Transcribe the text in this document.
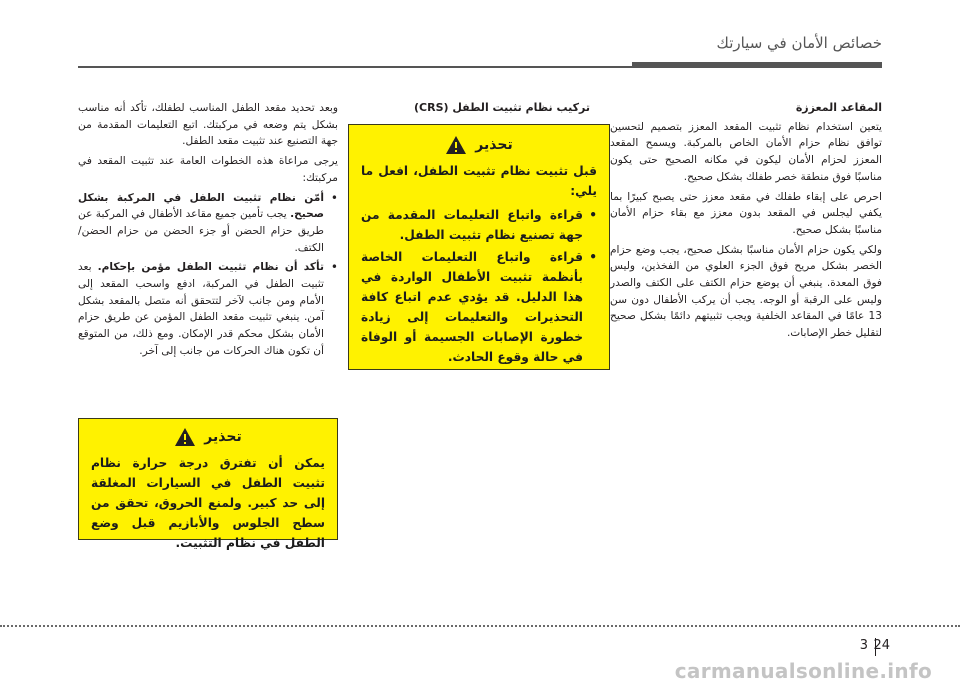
خصائص الأمان في سيارتك
المقاعد المعززة

يتعين استخدام نظام تثبيت المقعد المعزز بتصميم لتحسين توافق نظام حزام الأمان الخاص بالمركبة. ويسمح المقعد المعزز لحزام الأمان ليكون في مكانه الصحيح حتى يكون مناسبًا فوق منطقة خصر طفلك بشكل صحيح.

احرص على إبقاء طفلك في مقعد معزز حتى يصبح كبيرًا بما يكفي ليجلس في المقعد بدون معزز مع بقاء حزام الأمان مناسبًا بشكل صحيح.

ولكي يكون حزام الأمان مناسبًا بشكل صحيح، يجب وضع حزام الخصر بشكل مريح فوق الجزء العلوي من الفخذين، وليس فوق المعدة. ينبغي أن يوضع حزام الكتف على الكتف والصدر وليس على الرقبة أو الوجه. يجب أن يركب الأطفال دون سن 13 عامًا في المقاعد الخلفية ويجب تثبيتهم دائمًا بشكل صحيح لتقليل خطر الإصابات.

تركيب نظام تثبيت الطفل (CRS)
تحذير

قبل تثبيت نظام تثبيت الطفل، افعل ما يلي:

• قراءة واتباع التعليمات المقدمة من جهة تصنيع نظام تثبيت الطفل.
• قراءة واتباع التعليمات الخاصة بأنظمة تثبيت الأطفال الواردة في هذا الدليل. قد يؤدي عدم اتباع كافة التحذيرات والتعليمات إلى زيادة خطورة الإصابات الجسيمة أو الوفاة في حالة وقوع الحادث.

وبعد تحديد مقعد الطفل المناسب لطفلك، تأكد أنه مناسب بشكل يتم وضعه في مركبتك. اتبع التعليمات المقدمة من جهة التصنيع عند تثبيت مقعد الطفل.

يرجى مراعاة هذه الخطوات العامة عند تثبيت المقعد في مركبتك:

• أمّن نظام تثبيت الطفل في المركبة بشكل صحيح. يجب تأمين جميع مقاعد الأطفال في المركبة عن طريق حزام الحضن أو جزء الحضن من حزام الحضن/ الكتف.
• تأكد أن نظام تثبيت الطفل مؤمن بإحكام. بعد تثبيت الطفل في المركبة، ادفع واسحب المقعد إلى الأمام ومن جانب لآخر لتتحقق أنه متصل بالمقعد بشكل آمن. ينبغي تثبيت مقعد الطفل المؤمن عن طريق حزام الأمان بشكل محكم قدر الإمكان. ومع ذلك، من المتوقع أن تكون هناك الحركات من جانب إلى آخر.
تحذير

يمكن أن تفترق درجة حرارة نظام تثبيت الطفل في السيارات المغلقة إلى حد كبير. ولمنع الحروق، تحقق من سطح الجلوس والأبازيم قبل وضع الطفل في نظام التثبيت.

3 24
carmanualsonline.info
